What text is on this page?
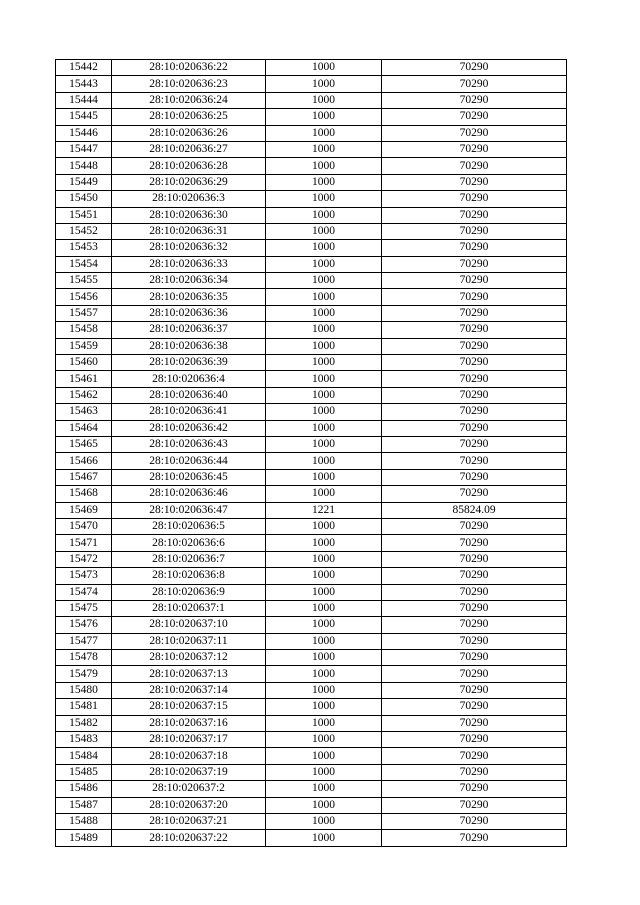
15442	28:10:020636:22	1000	70290
15443	28:10:020636:23	1000	70290
15444	28:10:020636:24	1000	70290
15445	28:10:020636:25	1000	70290
15446	28:10:020636:26	1000	70290
15447	28:10:020636:27	1000	70290
15448	28:10:020636:28	1000	70290
15449	28:10:020636:29	1000	70290
15450	28:10:020636:3	1000	70290
15451	28:10:020636:30	1000	70290
15452	28:10:020636:31	1000	70290
15453	28:10:020636:32	1000	70290
15454	28:10:020636:33	1000	70290
15455	28:10:020636:34	1000	70290
15456	28:10:020636:35	1000	70290
15457	28:10:020636:36	1000	70290
15458	28:10:020636:37	1000	70290
15459	28:10:020636:38	1000	70290
15460	28:10:020636:39	1000	70290
15461	28:10:020636:4	1000	70290
15462	28:10:020636:40	1000	70290
15463	28:10:020636:41	1000	70290
15464	28:10:020636:42	1000	70290
15465	28:10:020636:43	1000	70290
15466	28:10:020636:44	1000	70290
15467	28:10:020636:45	1000	70290
15468	28:10:020636:46	1000	70290
15469	28:10:020636:47	1221	85824.09
15470	28:10:020636:5	1000	70290
15471	28:10:020636:6	1000	70290
15472	28:10:020636:7	1000	70290
15473	28:10:020636:8	1000	70290
15474	28:10:020636:9	1000	70290
15475	28:10:020637:1	1000	70290
15476	28:10:020637:10	1000	70290
15477	28:10:020637:11	1000	70290
15478	28:10:020637:12	1000	70290
15479	28:10:020637:13	1000	70290
15480	28:10:020637:14	1000	70290
15481	28:10:020637:15	1000	70290
15482	28:10:020637:16	1000	70290
15483	28:10:020637:17	1000	70290
15484	28:10:020637:18	1000	70290
15485	28:10:020637:19	1000	70290
15486	28:10:020637:2	1000	70290
15487	28:10:020637:20	1000	70290
15488	28:10:020637:21	1000	70290
15489	28:10:020637:22	1000	70290
